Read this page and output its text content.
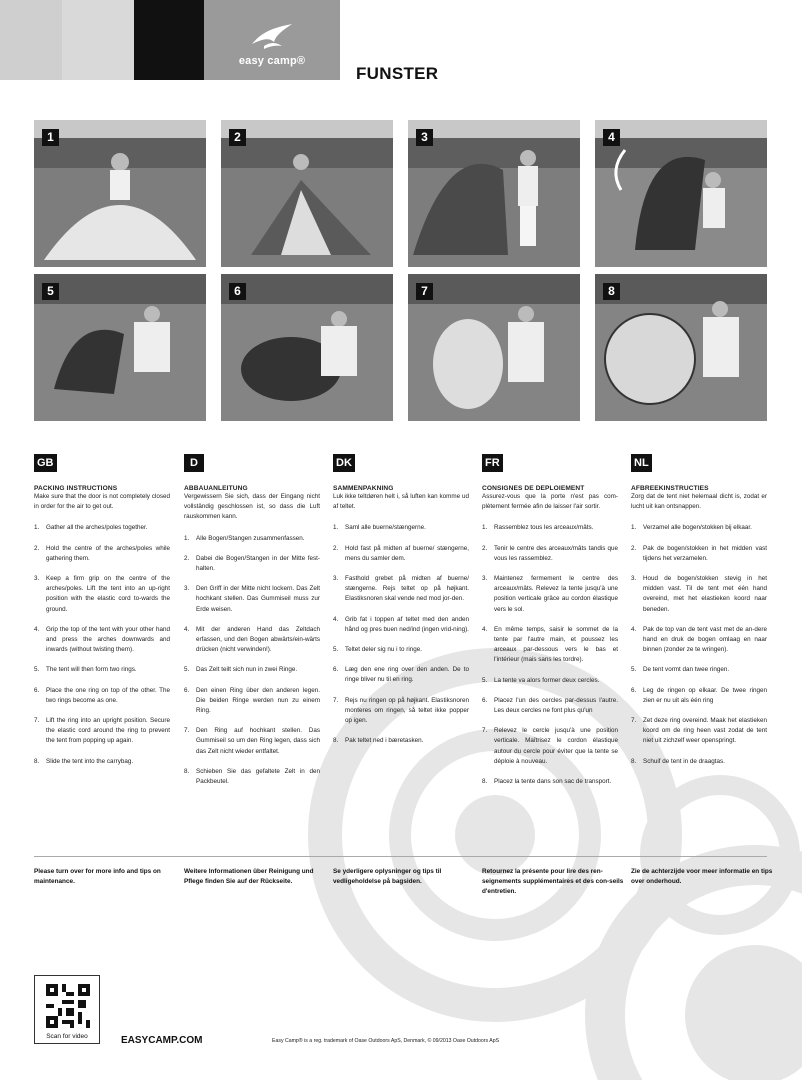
easy camp®
FUNSTER
1	2	3	4
5	6	7	8
GB
PACKING INSTRUCTIONS

Make sure that the door is not completely closed in order for the air to get out.

1.	Gather all the arches/poles together.
2.	Hold the centre of the arches/poles while gathering them.
3.	Keep a firm grip on the centre of the arches/poles. Lift the tent into an up-right position with the elastic cord to-wards the ground.
4.	Grip the top of the tent with your other hand and press the arches downwards and inwards (without twisting them).
5.	The tent will then form two rings.
6.	Place the one ring on top of the other. The two rings become as one.
7.	Lift the ring into an upright position. Secure the elastic cord around the ring to prevent the tent from popping up again.
8.	Slide the tent into the carrybag.
D
ABBAUANLEITUNG

Vergewissern Sie sich, dass der Eingang nicht vollständig geschlossen ist, so dass die Luft rauskommen kann.

1.	Alle Bogen/Stangen zusammenfassen.
2.	Dabei die Bogen/Stangen in der Mitte fest-halten.
3.	Den Griff in der Mitte nicht lockern. Das Zelt hochkant stellen. Das Gummiseil muss zur Erde weisen.
4.	Mit der anderen Hand das Zeltdach erfassen, und den Bogen abwärts/ein-wärts drücken (nicht verwinden!).
5.	Das Zelt teilt sich nun in zwei Ringe.
6.	Den einen Ring über den anderen legen. Die beiden Ringe werden nun zu einem Ring.
7.	Den Ring auf hochkant stellen. Das Gummiseil so um den Ring legen, dass sich das Zelt nicht wieder entfaltet.
8.	Schieben Sie das gefaltete Zelt in den Packbeutel.
DK
SAMMENPAKNING

Luk ikke teltdøren helt i, så luften kan komme ud af teltet.

1.	Saml alle buerne/stængerne.
2.	Hold fast på midten af buerne/ stængerne, mens du samler dem.
3.	Fasthold grebet på midten af buerne/ stængerne. Rejs teltet op på højkant. Elastiksnoren skal vende ned mod jor-den.
4.	Grib fat i toppen af teltet med den anden hånd og pres buen ned/ind (ingen vrid-ning).
5.	Teltet deler sig nu i to ringe.
6.	Læg den ene ring over den anden. De to ringe bliver nu til en ring.
7.	Rejs nu ringen op på højkant. Elastiksnoren monteres om ringen, så teltet ikke popper op igen.
8.	Pak teltet ned i bæretasken.
FR
CONSIGNES DE DEPLOIEMENT

Assurez-vous que la porte n'est pas com-plètement fermée afin de laisser l'air sortir.

1.	Rassemblez tous les arceaux/mâts.
2.	Tenir le centre des arceaux/mâts tandis que vous les rassemblez.
3.	Maintenez fermement le centre des arceaux/mâts. Relevez la tente jusqu'à une position verticale grâce au cordon élastique vers le sol.
4.	En même temps, saisir le sommet de la tente par l'autre main, et poussez les arceaux par-dessous vers le bas et l'intérieur (mais sans les tordre).
5.	La tente va alors former deux cercles.
6.	Placez l'un des cercles par-dessus l'autre. Les deux cercles ne font plus qu'un
7.	Relevez le cercle jusqu'à une position verticale. Maîtrisez le cordon élastique autour du cercle pour éviter que la tente se déploie à nouveau.
8.	Placez la tente dans son sac de transport.
NL
AFBREEKINSTRUCTIES

Zorg dat de tent niet helemaal dicht is, zodat er lucht uit kan ontsnappen.

1.	Verzamel alle bogen/stokken bij elkaar.
2.	Pak de bogen/stokken in het midden vast tijdens het verzamelen.
3.	Houd de bogen/stokken stevig in het midden vast. Til de tent met één hand overeind, met het elastieken koord naar beneden.
4.	Pak de top van de tent vast met de an-dere hand en druk de bogen omlaag en naar binnen (zonder ze te wringen).
5.	De tent vormt dan twee ringen.
6.	Leg de ringen op elkaar. De twee ringen zien er nu uit als één ring
7.	Zet deze ring overeind. Maak het elastieken koord om de ring heen vast zodat de tent niet uit zichzelf weer openspringt.
8.	Schuif de tent in de draagtas.
Please turn over for more info and tips on maintenance.
Weitere Informationen über Reinigung und Pflege finden Sie auf der Rückseite.
Se yderligere oplysninger og tips til vedligeholdelse på bagsiden.
Retournez la présente pour lire des ren-seignements supplémentaires et des con-seils d'entretien.
Zie de achterzijde voor meer informatie en tips over onderhoud.
Scan for video	EASYCAMP.COM	Easy Camp® is a reg. trademark of Oase Outdoors ApS, Denmark, © 09/2013 Oase Outdoors ApS
